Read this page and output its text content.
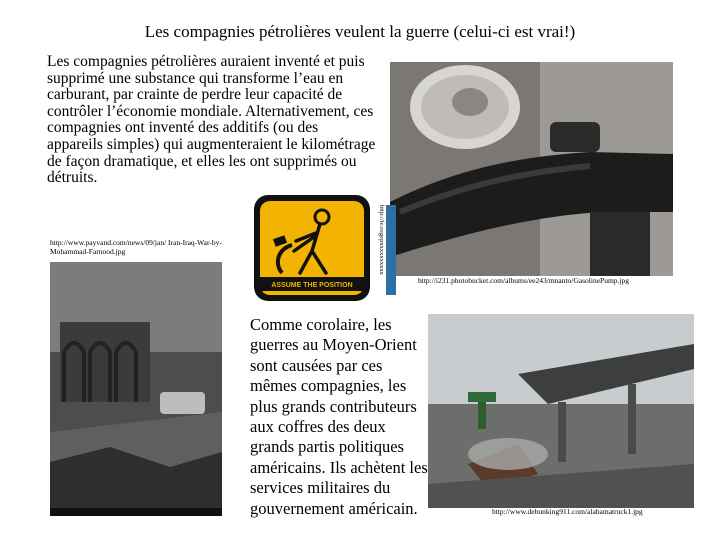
Les compagnies pétrolières veulent la guerre (celui-ci est vrai!)
Les compagnies pétrolières auraient inventé et puis supprimé une substance qui transforme l’eau en carburant, par crainte de perdre leur capacité de contrôler l’économie mondiale. Alternativement, ces compagnies ont inventé des additifs (ou des appareils simples) qui augmenteraient le kilométrage de façon dramatique, et elles les ont supprimés ou détruits.
http://i231.photobucket.com/albums/ee243/mnanto/GasolinePump.jpg
ASSUME THE POSITION
http://fe.cegepxxxxxxxxxx
http://www.payvand.com/news/09/jan/ Iran-Iraq-War-by-Mohammad-Farnood.jpg
Comme corolaire, les guerres au Moyen-Orient sont causées par ces mêmes compagnies, les plus grands contributeurs aux coffres des deux grands partis politiques américains. Ils achètent les services militaires du gouvernement américain.	http://www.debunking911.com/alabamatruck1.jpg
